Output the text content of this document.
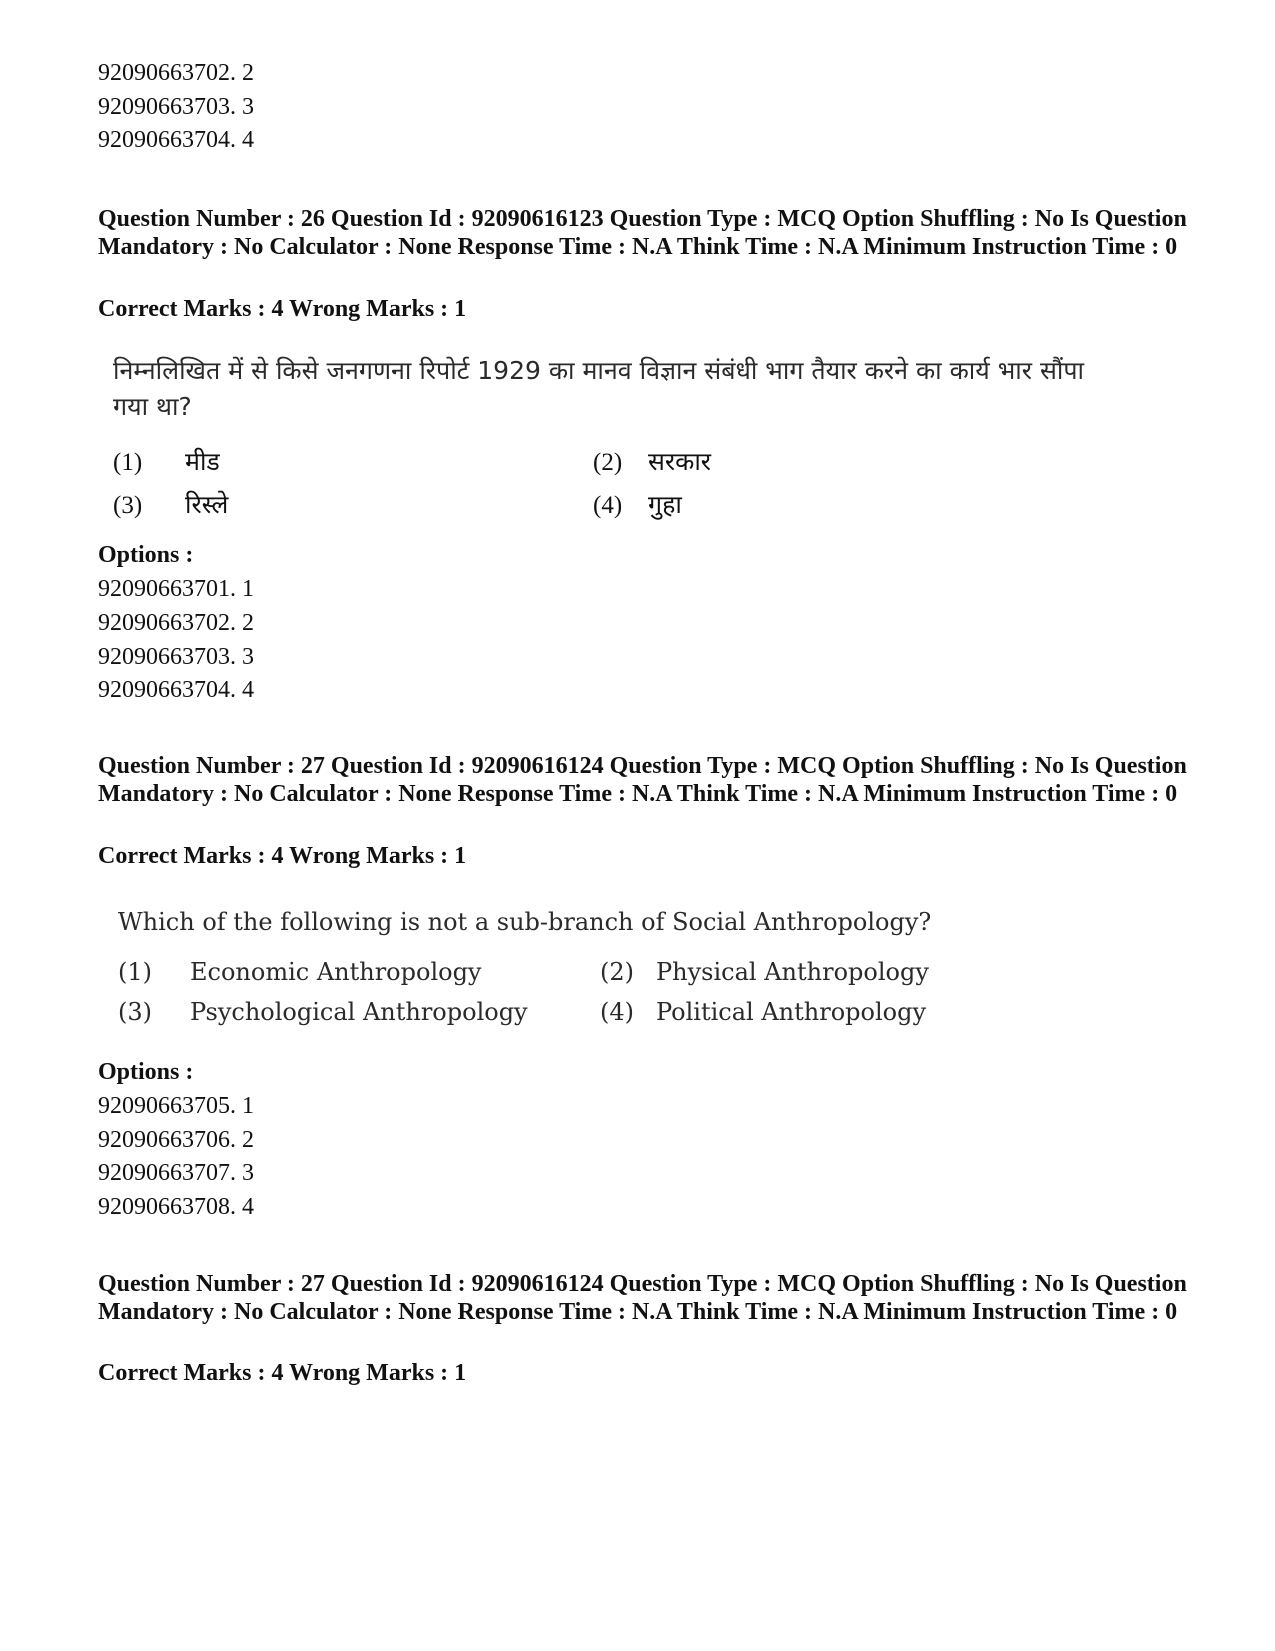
92090663702. 2
92090663703. 3
92090663704. 4
Question Number : 26 Question Id : 92090616123 Question Type : MCQ Option Shuffling : No Is Question Mandatory : No Calculator : None Response Time : N.A Think Time : N.A Minimum Instruction Time : 0
Correct Marks : 4 Wrong Marks : 1
निम्नलिखित में से किसे जनगणना रिपोर्ट 1929 का मानव विज्ञान संबंधी भाग तैयार करने का कार्य भार सौंपा गया था?
(1) मीड	(2) सरकार
(3) रिस्ले	(4) गुहा
Options :
92090663701. 1
92090663702. 2
92090663703. 3
92090663704. 4
Question Number : 27 Question Id : 92090616124 Question Type : MCQ Option Shuffling : No Is Question Mandatory : No Calculator : None Response Time : N.A Think Time : N.A Minimum Instruction Time : 0
Correct Marks : 4 Wrong Marks : 1
Which of the following is not a sub-branch of Social Anthropology?
(1) Economic Anthropology	(2) Physical Anthropology
(3) Psychological Anthropology	(4) Political Anthropology
Options :
92090663705. 1
92090663706. 2
92090663707. 3
92090663708. 4
Question Number : 27 Question Id : 92090616124 Question Type : MCQ Option Shuffling : No Is Question Mandatory : No Calculator : None Response Time : N.A Think Time : N.A Minimum Instruction Time : 0
Correct Marks : 4 Wrong Marks : 1
